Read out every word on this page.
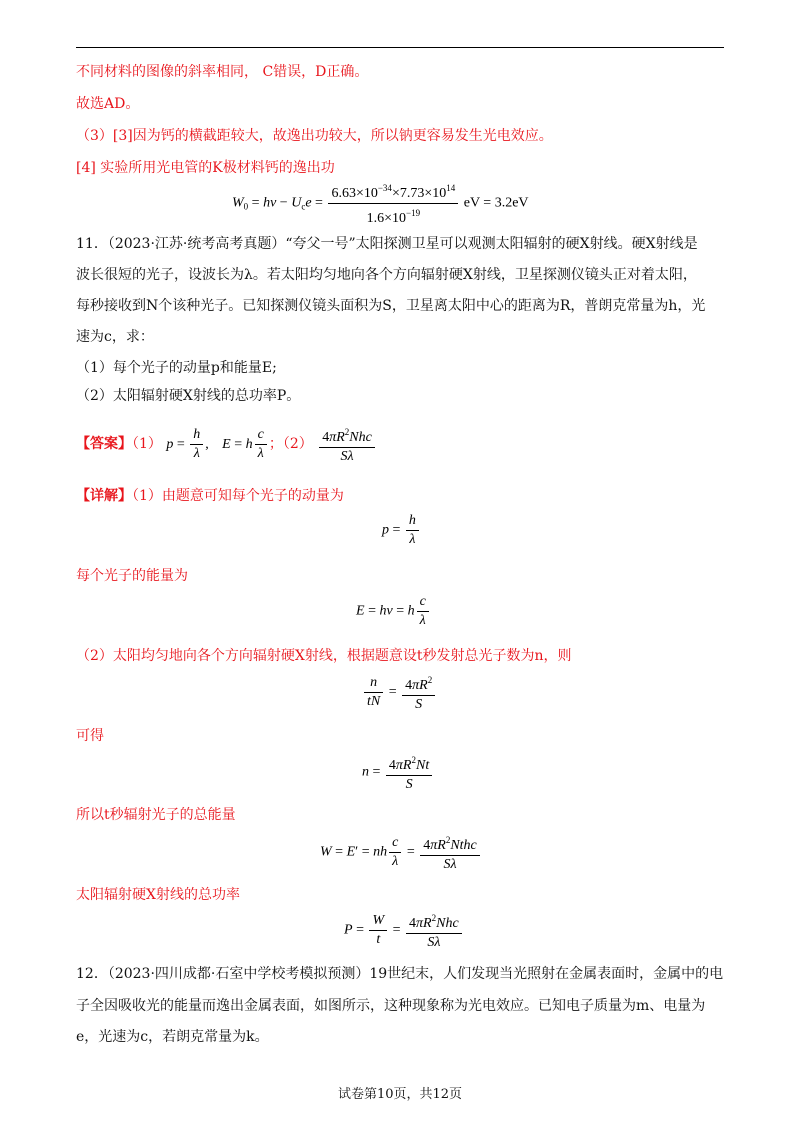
不同材料的图像的斜率相同， C错误，D正确。
故选AD。
（3）[3]因为钙的横截距较大，故逸出功较大，所以钠更容易发生光电效应。
[4] 实验所用光电管的K极材料钙的逸出功
$W_0 = h\nu - U_ce = \frac{6.63\times 10^{-34}\times 7.73\times 10^{14}}{1.6\times 10^{-19}}$ eV = 3.2eV
11．（2023·江苏·统考高考真题）“夸父一号”太阳探测卫星可以观测太阳辐射的硬X射线。硬X射线是
波长很短的光子，设波长为λ。若太阳均匀地向各个方向辐射硬X射线，卫星探测仪镜头正对着太阳，
每秒接收到N个该种光子。已知探测仪镜头面积为S，卫星离太阳中心的距离为R，普朗克常量为h，光
速为c，求：
（1）每个光子的动量p和能量E;
（2）太阳辐射硬X射线的总功率P。
【答案】（1） $p = \frac{h}{\lambda}$ , E = h $\frac{c}{\lambda}$ ；$(2) \frac{4\pi R^2Nhc}{S\lambda}$
【详解】（1）由题意可知每个光子的动量为
$p = \frac{h}{\lambda}$
每个光子的能量为
E = hν = h $\frac{c}{\lambda}$
（2）太阳均匀地向各个方向辐射硬X射线，根据题意设t秒发射总光子数为n，则
$\frac{n}{tN} = \frac{4\pi R^2}{S}$
可得
$n = \frac{4\pi R^2Nt}{S}$
所以t秒辐射光子的总能量
W = E′ = nh $\frac{c}{\lambda} = \frac{4\pi R^2Nthc}{S\lambda}$
太阳辐射硬X射线的总功率
$P = \frac{W}{t} = \frac{4\pi R^2Nhc}{S\lambda}$
12．（2023·四川成都·石室中学校考模拟预测）19世纪末，人们发现当光照射在金属表面时，金属中的电
子全因吸收光的能量而逸出金属表面，如图所示，这种现象称为光电效应。已知电子质量为m、电量为
e，光速为c，若朗克常量为k。
试卷第10页，共12页
